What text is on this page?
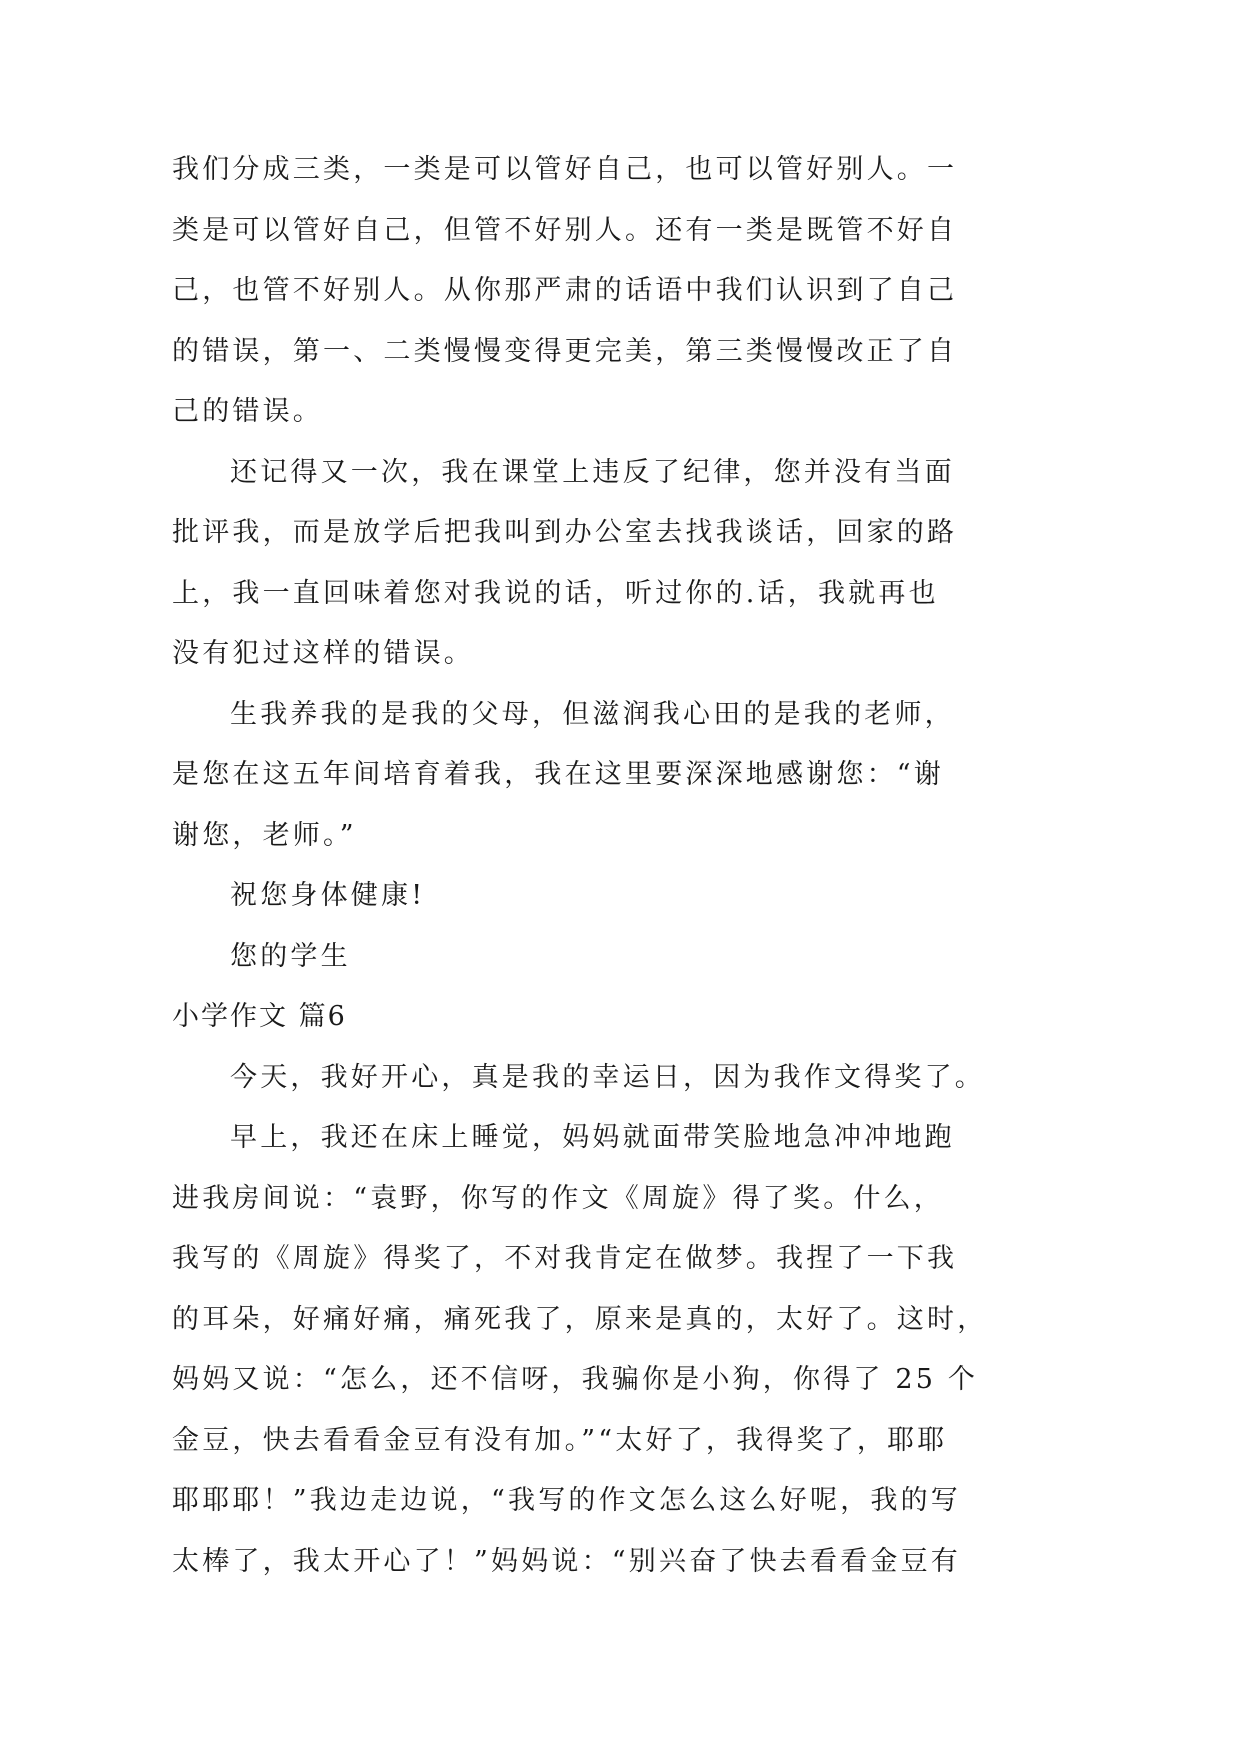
我们分成三类，一类是可以管好自己，也可以管好别人。一
类是可以管好自己，但管不好别人。还有一类是既管不好自
己，也管不好别人。从你那严肃的话语中我们认识到了自己
的错误，第一、二类慢慢变得更完美，第三类慢慢改正了自
己的错误。
还记得又一次，我在课堂上违反了纪律，您并没有当面
批评我，而是放学后把我叫到办公室去找我谈话，回家的路
上，我一直回味着您对我说的话，听过你的.话，我就再也
没有犯过这样的错误。
生我养我的是我的父母，但滋润我心田的是我的老师，
是您在这五年间培育着我，我在这里要深深地感谢您：“谢
谢您，老师。”
祝您身体健康!
您的学生
小学作文 篇6
今天，我好开心，真是我的幸运日，因为我作文得奖了。
早上，我还在床上睡觉，妈妈就面带笑脸地急冲冲地跑
进我房间说：“袁野，你写的作文《周旋》得了奖。什么，
我写的《周旋》得奖了，不对我肯定在做梦。我捏了一下我
的耳朵，好痛好痛，痛死我了，原来是真的，太好了。这时，
妈妈又说：“怎么，还不信呀，我骗你是小狗，你得了 25 个
金豆，快去看看金豆有没有加。”“太好了，我得奖了，耶耶
耶耶耶！”我边走边说，“我写的作文怎么这么好呢，我的写
太棒了，我太开心了！”妈妈说：“别兴奋了快去看看金豆有
